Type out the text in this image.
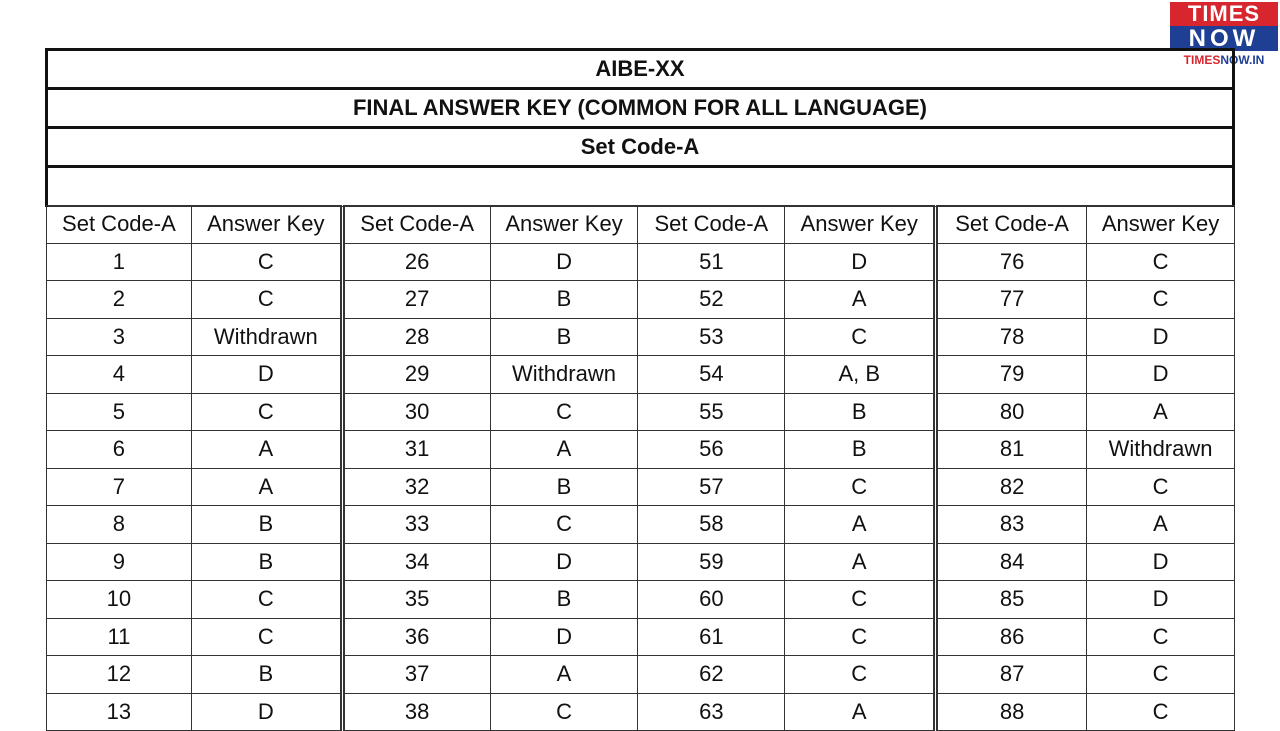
TIMES
NOW
TIMESNOW.IN
AIBE-XX
FINAL ANSWER KEY (COMMON FOR ALL LANGUAGE)
Set Code-A
Set Code-A	Answer Key	Set Code-A	Answer Key	Set Code-A	Answer Key	Set Code-A	Answer Key
1	C	26	D	51	D	76	C
2	C	27	B	52	A	77	C
3	Withdrawn	28	B	53	C	78	D
4	D	29	Withdrawn	54	A, B	79	D
5	C	30	C	55	B	80	A
6	A	31	A	56	B	81	Withdrawn
7	A	32	B	57	C	82	C
8	B	33	C	58	A	83	A
9	B	34	D	59	A	84	D
10	C	35	B	60	C	85	D
11	C	36	D	61	C	86	C
12	B	37	A	62	C	87	C
13	D	38	C	63	A	88	C
